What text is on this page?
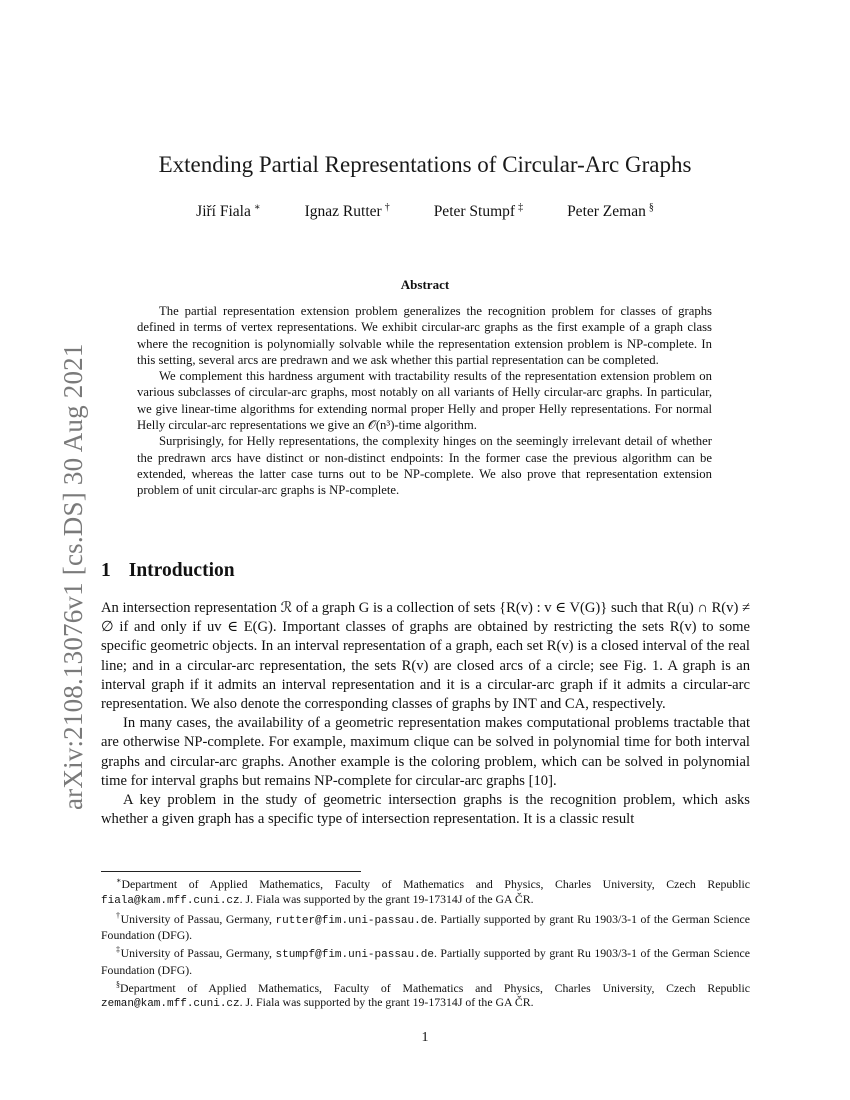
arXiv:2108.13076v1 [cs.DS] 30 Aug 2021
Extending Partial Representations of Circular-Arc Graphs
Jiří Fiala ∗	Ignaz Rutter †	Peter Stumpf ‡	Peter Zeman §
Abstract

The partial representation extension problem generalizes the recognition problem for classes of graphs defined in terms of vertex representations. We exhibit circular-arc graphs as the first example of a graph class where the recognition is polynomially solvable while the representation extension problem is NP-complete. In this setting, several arcs are predrawn and we ask whether this partial representation can be completed.

We complement this hardness argument with tractability results of the representation extension problem on various subclasses of circular-arc graphs, most notably on all variants of Helly circular-arc graphs. In particular, we give linear-time algorithms for extending normal proper Helly and proper Helly representations. For normal Helly circular-arc representations we give an 𝒪(n³)-time algorithm.

Surprisingly, for Helly representations, the complexity hinges on the seemingly irrelevant detail of whether the predrawn arcs have distinct or non-distinct endpoints: In the former case the previous algorithm can be extended, whereas the latter case turns out to be NP-complete. We also prove that representation extension problem of unit circular-arc graphs is NP-complete.

1 Introduction

An intersection representation ℛ of a graph G is a collection of sets {R(v) : v ∈ V(G)} such that R(u) ∩ R(v) ≠ ∅ if and only if uv ∈ E(G). Important classes of graphs are obtained by restricting the sets R(v) to some specific geometric objects. In an interval representation of a graph, each set R(v) is a closed interval of the real line; and in a circular-arc representation, the sets R(v) are closed arcs of a circle; see Fig. 1. A graph is an interval graph if it admits an interval representation and it is a circular-arc graph if it admits a circular-arc representation. We also denote the corresponding classes of graphs by INT and CA, respectively.

In many cases, the availability of a geometric representation makes computational problems tractable that are otherwise NP-complete. For example, maximum clique can be solved in polynomial time for both interval graphs and circular-arc graphs. Another example is the coloring problem, which can be solved in polynomial time for interval graphs but remains NP-complete for circular-arc graphs [10].

A key problem in the study of geometric intersection graphs is the recognition problem, which asks whether a given graph has a specific type of intersection representation. It is a classic result

∗Department of Applied Mathematics, Faculty of Mathematics and Physics, Charles University, Czech Republic fiala@kam.mff.cuni.cz. J. Fiala was supported by the grant 19-17314J of the GA ČR.

†University of Passau, Germany, rutter@fim.uni-passau.de. Partially supported by grant Ru 1903/3-1 of the German Science Foundation (DFG).

‡University of Passau, Germany, stumpf@fim.uni-passau.de. Partially supported by grant Ru 1903/3-1 of the German Science Foundation (DFG).

§Department of Applied Mathematics, Faculty of Mathematics and Physics, Charles University, Czech Republic zeman@kam.mff.cuni.cz. J. Fiala was supported by the grant 19-17314J of the GA ČR.

1
